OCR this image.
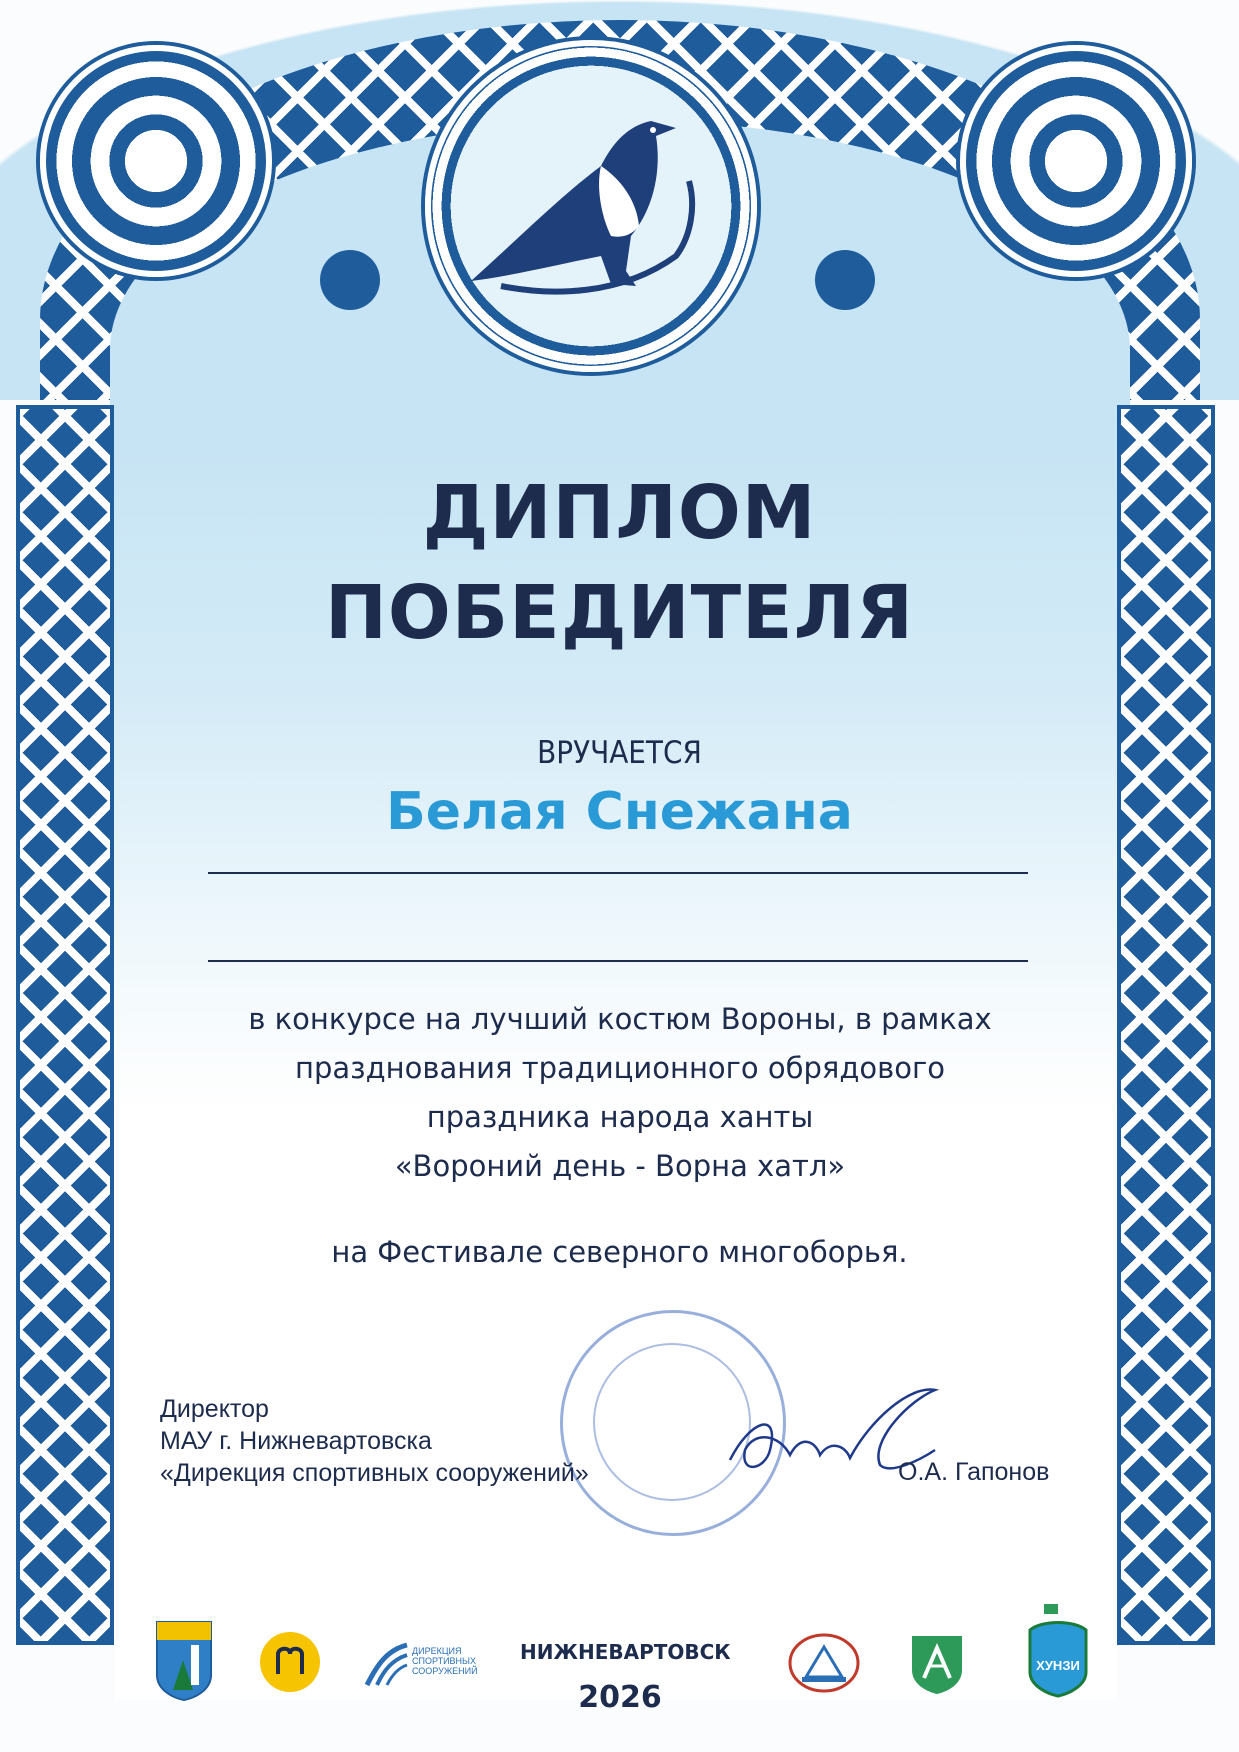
ДИПЛОМ
ПОБЕДИТЕЛЯ
ВРУЧАЕТСЯ
Белая Снежана
в конкурсе на лучший костюм Вороны, в рамках
празднования традиционного обрядового
праздника народа ханты
«Вороний день - Ворна хатл»
на Фестивале северного многоборья.
Директор
МАУ г. Нижневартовска
«Дирекция спортивных сооружений»	О.А. Гапонов
ДИРЕКЦИЯ
СПОРТИВНЫХ
СООРУЖЕНИЙ
НИЖНЕВАРТОВСК
2026
ХУНЗИ
